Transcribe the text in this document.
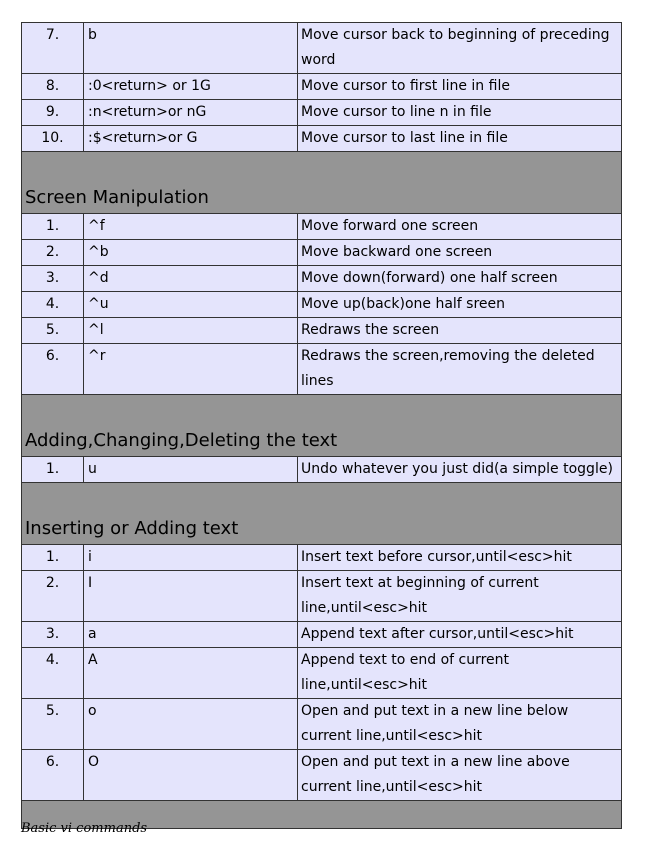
7.	b	Move cursor back to beginning of preceding word
8.	:0<return> or 1G	Move cursor to first line in file
9.	:n<return>or nG	Move cursor to line n in file
10.	:$<return>or G	Move cursor to last line in file
Screen Manipulation		
1.	^f	Move forward one screen
2.	^b	Move backward one screen
3.	^d	Move down(forward) one half screen
4.	^u	Move up(back)one half sreen
5.	^l	Redraws the screen
6.	^r	Redraws the screen,removing the deleted lines
Adding,Changing,Deleting the text		
1.	u	Undo whatever you just did(a simple toggle)
Inserting or Adding text		
1.	i	Insert text before cursor,until<esc>hit
2.	I	Insert text at beginning of current line,until<esc>hit
3.	a	Append text after cursor,until<esc>hit
4.	A	Append text to end of current line,until<esc>hit
5.	o	Open and put text in a new line below current line,until<esc>hit
6.	O	Open and put text in a new line above current line,until<esc>hit

Basic vi commands
